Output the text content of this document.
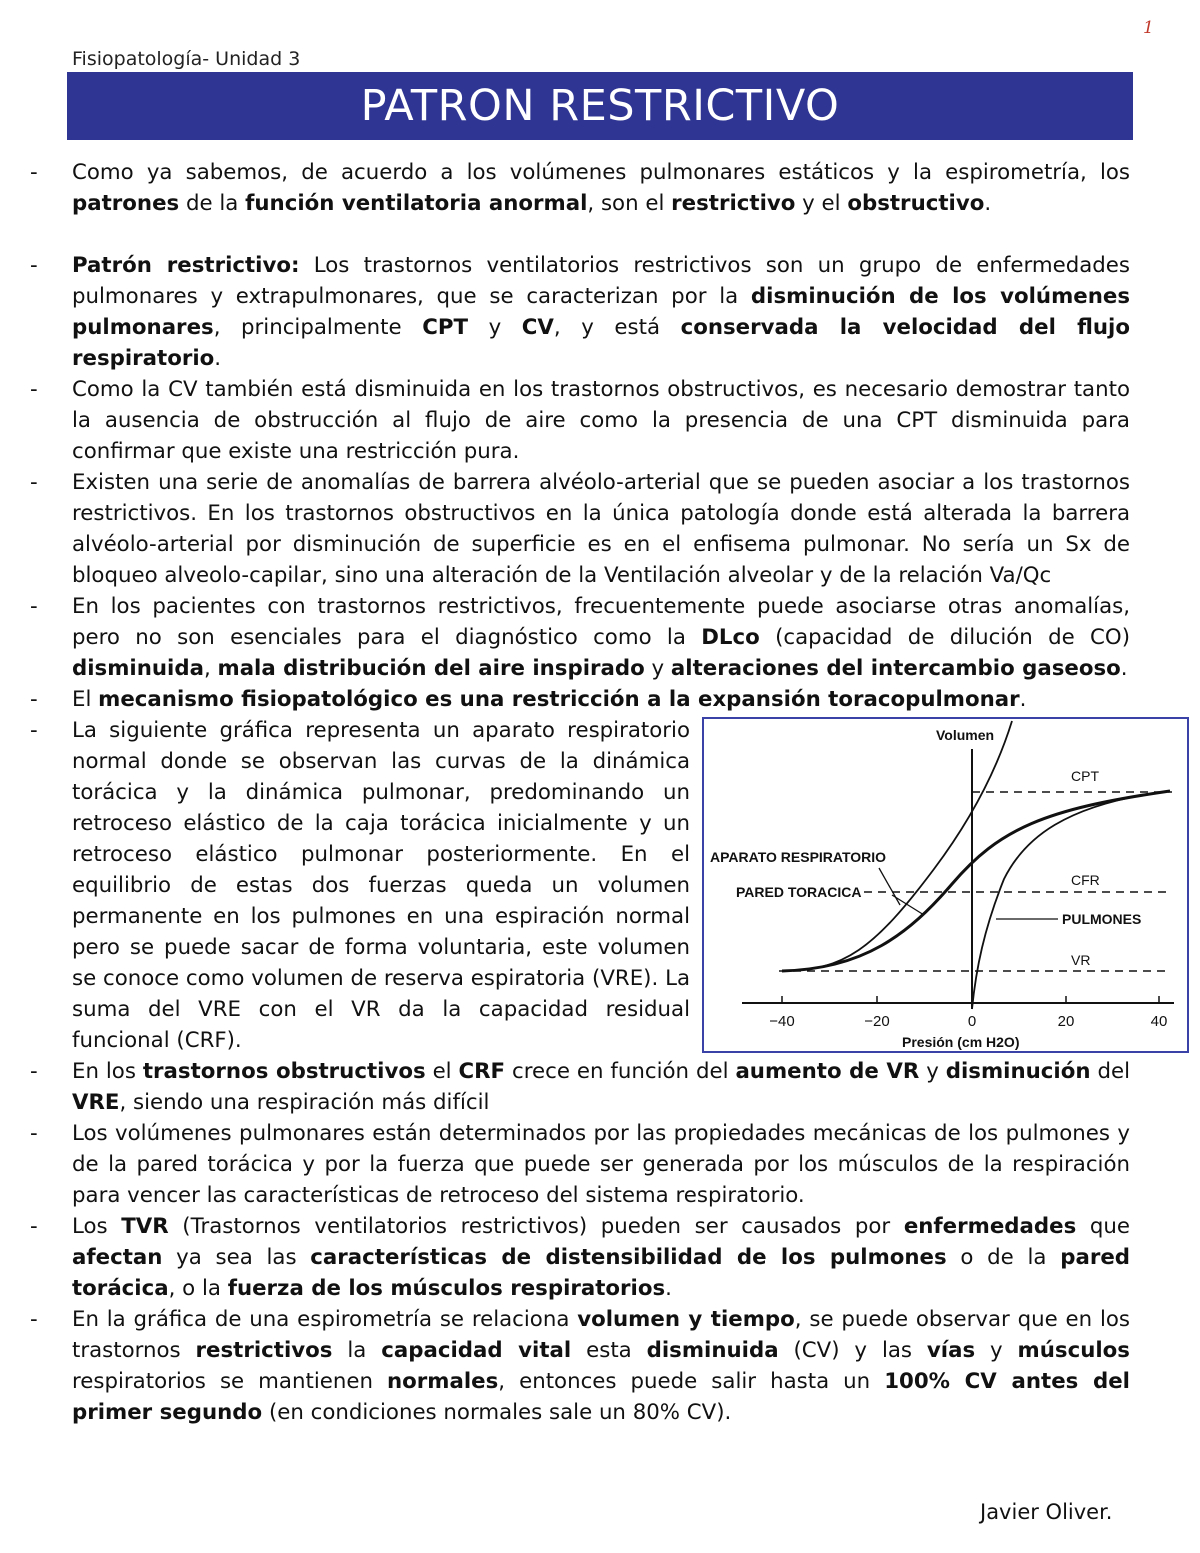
1
Fisiopatología- Unidad 3
PATRON RESTRICTIVO
- Como ya sabemos, de acuerdo a los volúmenes pulmonares estáticos y la espirometría, los patrones de la función ventilatoria anormal, son el restrictivo y el obstructivo.
- Patrón restrictivo: Los trastornos ventilatorios restrictivos son un grupo de enfermedades pulmonares y extrapulmonares, que se caracterizan por la disminución de los volúmenes pulmonares, principalmente CPT y CV, y está conservada la velocidad del flujo respiratorio.
- Como la CV también está disminuida en los trastornos obstructivos, es necesario demostrar tanto la ausencia de obstrucción al flujo de aire como la presencia de una CPT disminuida para confirmar que existe una restricción pura.
- Existen una serie de anomalías de barrera alvéolo-arterial que se pueden asociar a los trastornos restrictivos. En los trastornos obstructivos en la única patología donde está alterada la barrera alvéolo-arterial por disminución de superficie es en el enfisema pulmonar. No sería un Sx de bloqueo alveolo-capilar, sino una alteración de la Ventilación alveolar y de la relación Va/Qc
- En los pacientes con trastornos restrictivos, frecuentemente puede asociarse otras anomalías, pero no son esenciales para el diagnóstico como la DLco (capacidad de dilución de CO) disminuida, mala distribución del aire inspirado y alteraciones del intercambio gaseoso.
- El mecanismo fisiopatológico es una restricción a la expansión toracopulmonar.
- La siguiente gráfica representa un aparato respiratorio normal donde se observan las curvas de la dinámica torácica y la dinámica pulmonar, predominando un retroceso elástico de la caja torácica inicialmente y un retroceso elástico pulmonar posteriormente. En el equilibrio de estas dos fuerzas queda un volumen permanente en los pulmones en una espiración normal pero se puede sacar de forma voluntaria, este volumen se conoce como volumen de reserva espiratoria (VRE). La suma del VRE con el VR da la capacidad residual funcional (CRF).
- En los trastornos obstructivos el CRF crece en función del aumento de VR y disminución del VRE, siendo una respiración más difícil
- Los volúmenes pulmonares están determinados por las propiedades mecánicas de los pulmones y de la pared torácica y por la fuerza que puede ser generada por los músculos de la respiración para vencer las características de retroceso del sistema respiratorio.
- Los TVR (Trastornos ventilatorios restrictivos) pueden ser causados por enfermedades que afectan ya sea las características de distensibilidad de los pulmones o de la pared torácica, o la fuerza de los músculos respiratorios.
- En la gráfica de una espirometría se relaciona volumen y tiempo, se puede observar que en los trastornos restrictivos la capacidad vital esta disminuida (CV) y las vías y músculos respiratorios se mantienen normales, entonces puede salir hasta un 100% CV antes del primer segundo (en condiciones normales sale un 80% CV).
Volumen
CPT
CFR
VR
APARATO RESPIRATORIO
PARED TORACICA
PULMONES
−40	−20	0	20	40
Presión (cm H2O)
Javier Oliver.
